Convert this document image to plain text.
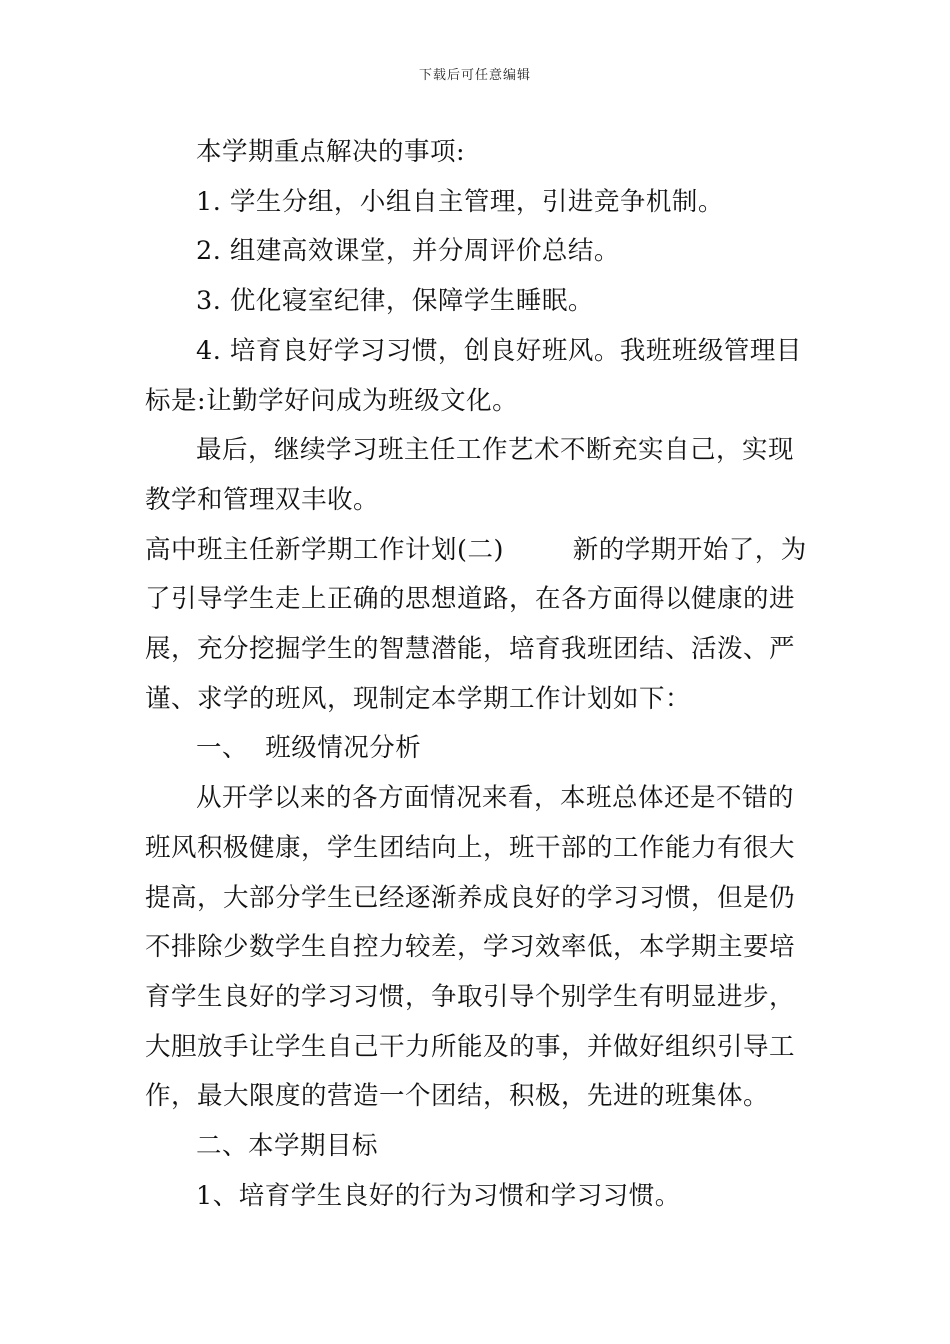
下载后可任意编辑
本学期重点解决的事项:
1. 学生分组，小组自主管理，引进竞争机制。
2. 组建高效课堂，并分周评价总结。
3. 优化寝室纪律，保障学生睡眠。
4. 培育良好学习习惯，创良好班风。我班班级管理目
标是:让勤学好问成为班级文化。
最后，继续学习班主任工作艺术不断充实自己，实现
教学和管理双丰收。
高中班主任新学期工作计划(二)        新的学期开始了，为
了引导学生走上正确的思想道路，在各方面得以健康的进
展，充分挖掘学生的智慧潜能，培育我班团结、活泼、严
谨、求学的班风，现制定本学期工作计划如下：
一、  班级情况分析
从开学以来的各方面情况来看，本班总体还是不错的
班风积极健康，学生团结向上，班干部的工作能力有很大
提高，大部分学生已经逐渐养成良好的学习习惯，但是仍
不排除少数学生自控力较差，学习效率低，本学期主要培
育学生良好的学习习惯，争取引导个别学生有明显进步，
大胆放手让学生自己干力所能及的事，并做好组织引导工
作，最大限度的营造一个团结，积极，先进的班集体。
二、本学期目标
1、培育学生良好的行为习惯和学习习惯。
